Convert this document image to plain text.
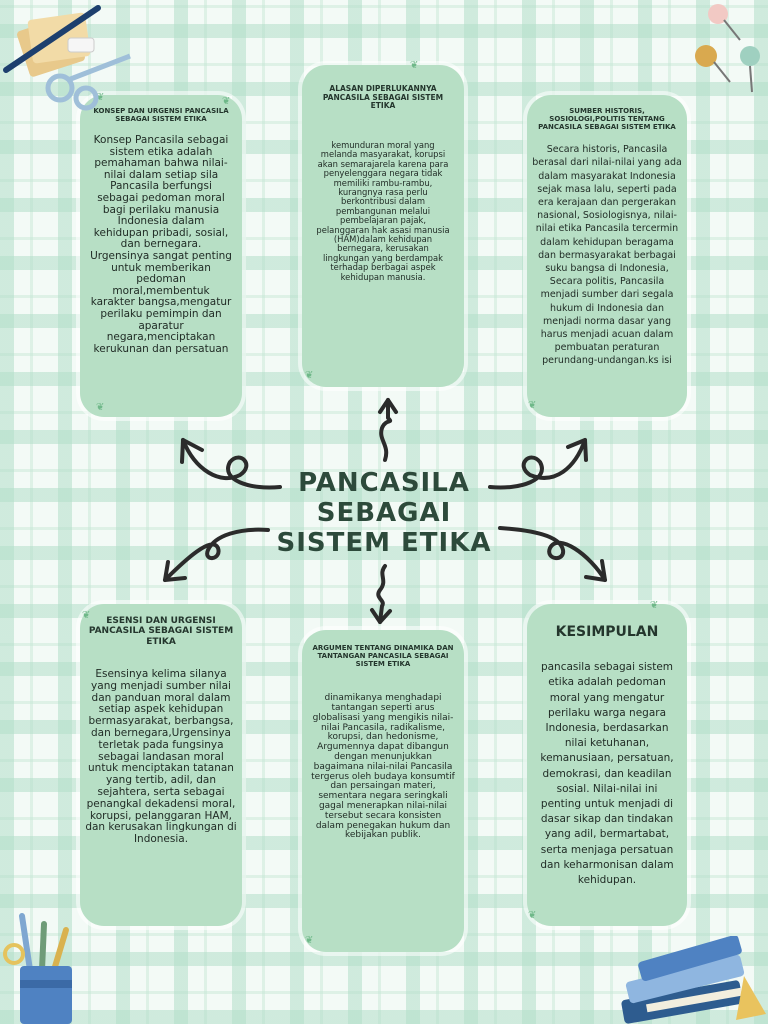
PANCASILA
SEBAGAI
SISTEM ETIKA
KONSEP DAN URGENSI PANCASILA SEBAGAI SISTEM ETIKA
Konsep Pancasila sebagai sistem etika adalah pemahaman bahwa nilai-nilai dalam setiap sila Pancasila berfungsi sebagai pedoman moral bagi perilaku manusia Indonesia dalam kehidupan pribadi, sosial, dan bernegara. Urgensinya sangat penting untuk memberikan pedoman moral,membentuk karakter bangsa,mengatur perilaku pemimpin dan aparatur negara,menciptakan kerukunan dan persatuan
ALASAN DIPERLUKANNYA PANCASILA SEBAGAI SISTEM ETIKA
kemunduran moral yang melanda masyarakat, korupsi akan semarajarela karena para penyelenggara negara tidak memiliki rambu-rambu, kurangnya rasa perlu berkontribusi dalam pembangunan melalui pembelajaran pajak, pelanggaran hak asasi manusia (HAM)dalam kehidupan bernegara, kerusakan lingkungan yang berdampak terhadap berbagai aspek kehidupan manusia.
SUMBER HISTORIS, SOSIOLOGI,POLITIS TENTANG PANCASILA SEBAGAI SISTEM ETIKA
Secara historis, Pancasila berasal dari nilai-nilai yang ada dalam masyarakat Indonesia sejak masa lalu, seperti pada era kerajaan dan pergerakan nasional, Sosiologisnya, nilai-nilai etika Pancasila tercermin dalam kehidupan beragama dan bermasyarakat berbagai suku bangsa di Indonesia, Secara politis, Pancasila menjadi sumber dari segala hukum di Indonesia dan menjadi norma dasar yang harus menjadi acuan dalam pembuatan peraturan perundang-undangan.ks isi
ESENSI DAN URGENSI PANCASILA SEBAGAI SISTEM ETIKA
Esensinya kelima silanya yang menjadi sumber nilai dan panduan moral dalam setiap aspek kehidupan bermasyarakat, berbangsa, dan bernegara,Urgensinya terletak pada fungsinya sebagai landasan moral untuk menciptakan tatanan yang tertib, adil, dan sejahtera, serta sebagai penangkal dekadensi moral, korupsi, pelanggaran HAM, dan kerusakan lingkungan di Indonesia.
ARGUMEN TENTANG DINAMIKA DAN TANTANGAN PANCASILA SEBAGAI SISTEM ETIKA
dinamikanya menghadapi tantangan seperti arus globalisasi yang mengikis nilai-nilai Pancasila, radikalisme, korupsi, dan hedonisme, Argumennya dapat dibangun dengan menunjukkan bagaimana nilai-nilai Pancasila tergerus oleh budaya konsumtif dan persaingan materi, sementara negara seringkali gagal menerapkan nilai-nilai tersebut secara konsisten dalam penegakan hukum dan kebijakan publik.
KESIMPULAN
pancasila sebagai sistem etika adalah pedoman moral yang mengatur perilaku warga negara Indonesia, berdasarkan nilai ketuhanan, kemanusiaan, persatuan, demokrasi, dan keadilan sosial. Nilai-nilai ini penting untuk menjadi di dasar sikap dan tindakan yang adil, bermartabat, serta menjaga persatuan dan keharmonisan dalam kehidupan.
❦	❦
❦
❦
❦
❦
❦
❦
❦
❦
